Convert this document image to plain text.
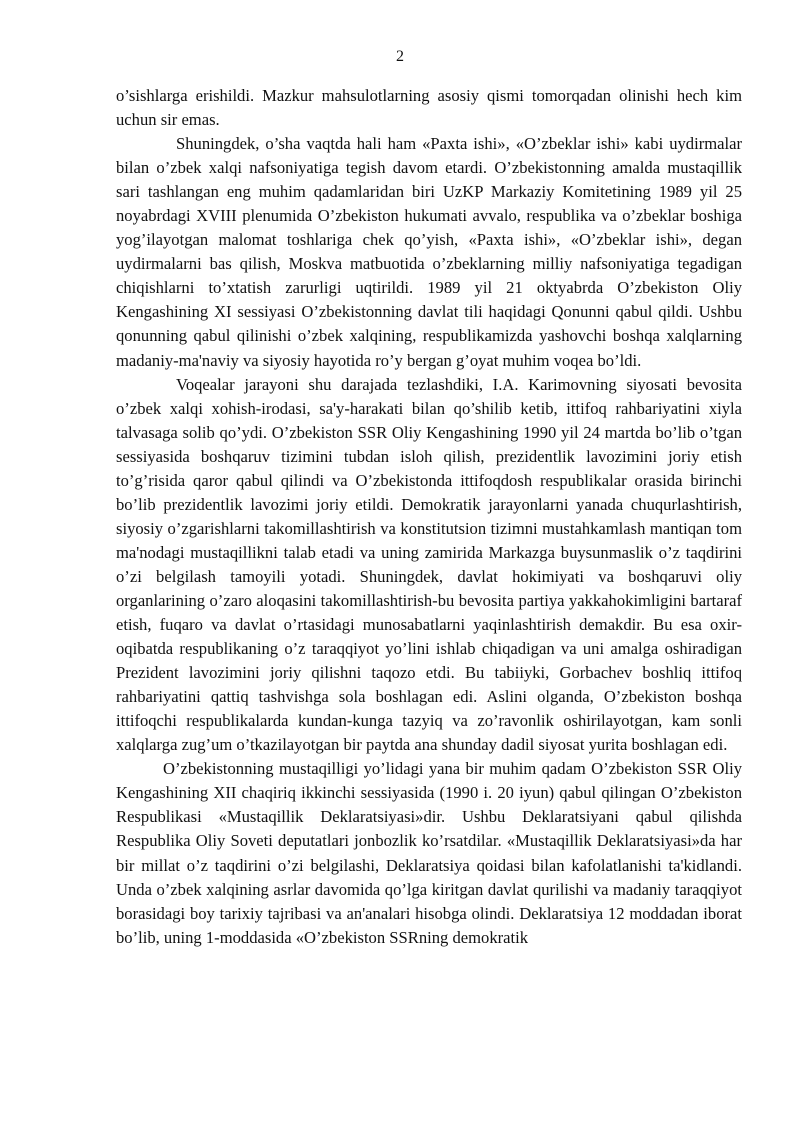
2

o’sishlarga erishildi. Mazkur mahsulotlarning asosiy qismi tomorqadan olinishi hech kim uchun sir emas.

Shuningdek, o’sha vaqtda hali ham «Paxta ishi», «O’zbeklar ishi» kabi uydirmalar bilan o’zbek xalqi nafsoniyatiga tegish davom etardi. O’zbekistonning amalda mustaqillik sari tashlangan eng muhim qadamlaridan biri UzKP Markaziy Komitetining 1989 yil 25 noyabrdagi XVIII plenumida O’zbekiston hukumati avvalo, respublika va o’zbeklar boshiga yog’ilayotgan malomat toshlariga chek qo’yish, «Paxta ishi», «O’zbeklar ishi», degan uydirmalarni bas qilish, Moskva matbuotida o’zbeklarning milliy nafsoniyatiga tegadigan chiqishlarni to’xtatish zarurligi uqtirildi. 1989 yil 21 oktyabrda O’zbekiston Oliy Kengashining XI sessiyasi O’zbekistonning davlat tili haqidagi Qonunni qabul qildi. Ushbu qonunning qabul qilinishi o’zbek xalqining, respublikamizda yashovchi boshqa xalqlarning madaniy-ma'naviy va siyosiy hayotida ro’y bergan g’oyat muhim voqea bo’ldi.

Voqealar jarayoni shu darajada tezlashdiki, I.A. Karimovning siyosati bevosita o’zbek xalqi xohish-irodasi, sa'y-harakati bilan qo’shilib ketib, ittifoq rahbariyatini xiyla talvasaga solib qo’ydi. O’zbekiston SSR Oliy Kengashining 1990 yil 24 martda bo’lib o’tgan sessiyasida boshqaruv tizimini tubdan isloh qilish, prezidentlik lavozimini joriy etish to’g’risida qaror qabul qilindi va O’zbekistonda ittifoqdosh respublikalar orasida birinchi bo’lib prezidentlik lavozimi joriy etildi. Demokratik jarayonlarni yanada chuqurlashtirish, siyosiy o’zgarishlarni takomillashtirish va konstitutsion tizimni mustahkamlash mantiqan tom ma'nodagi mustaqillikni talab etadi va uning zamirida Markazga buysunmaslik o’z taqdirini o’zi belgilash tamoyili yotadi. Shuningdek, davlat hokimiyati va boshqaruvi oliy organlarining o’zaro aloqasini takomillashtirish-bu bevosita partiya yakkahokimligini bartaraf etish, fuqaro va davlat o’rtasidagi munosabatlarni yaqinlashtirish demakdir. Bu esa oxir-oqibatda respublikaning o’z taraqqiyot yo’lini ishlab chiqadigan va uni amalga oshiradigan Prezident lavozimini joriy qilishni taqozo etdi. Bu tabiiyki, Gorbachev boshliq ittifoq rahbariyatini qattiq tashvishga sola boshlagan edi. Aslini olganda, O’zbekiston boshqa ittifoqchi respublikalarda kundan-kunga tazyiq va zo’ravonlik oshirilayotgan, kam sonli xalqlarga zug’um o’tkazilayotgan bir paytda ana shunday dadil siyosat yurita boshlagan edi.

O’zbekistonning mustaqilligi yo’lidagi yana bir muhim qadam O’zbekiston SSR Oliy Kengashining XII chaqiriq ikkinchi sessiyasida (1990 i. 20 iyun) qabul qilingan O’zbekiston Respublikasi «Mustaqillik Deklaratsiyasi»dir. Ushbu Deklaratsiyani qabul qilishda Respublika Oliy Soveti deputatlari jonbozlik ko’rsatdilar. «Mustaqillik Deklaratsiyasi»da har bir millat o’z taqdirini o’zi belgilashi, Deklaratsiya qoidasi bilan kafolatlanishi ta'kidlandi. Unda o’zbek xalqining asrlar davomida qo’lga kiritgan davlat qurilishi va madaniy taraqqiyot borasidagi boy tarixiy tajribasi va an'analari hisobga olindi. Deklaratsiya 12 moddadan iborat bo’lib, uning 1-moddasida «O’zbekiston SSRning demokratik
